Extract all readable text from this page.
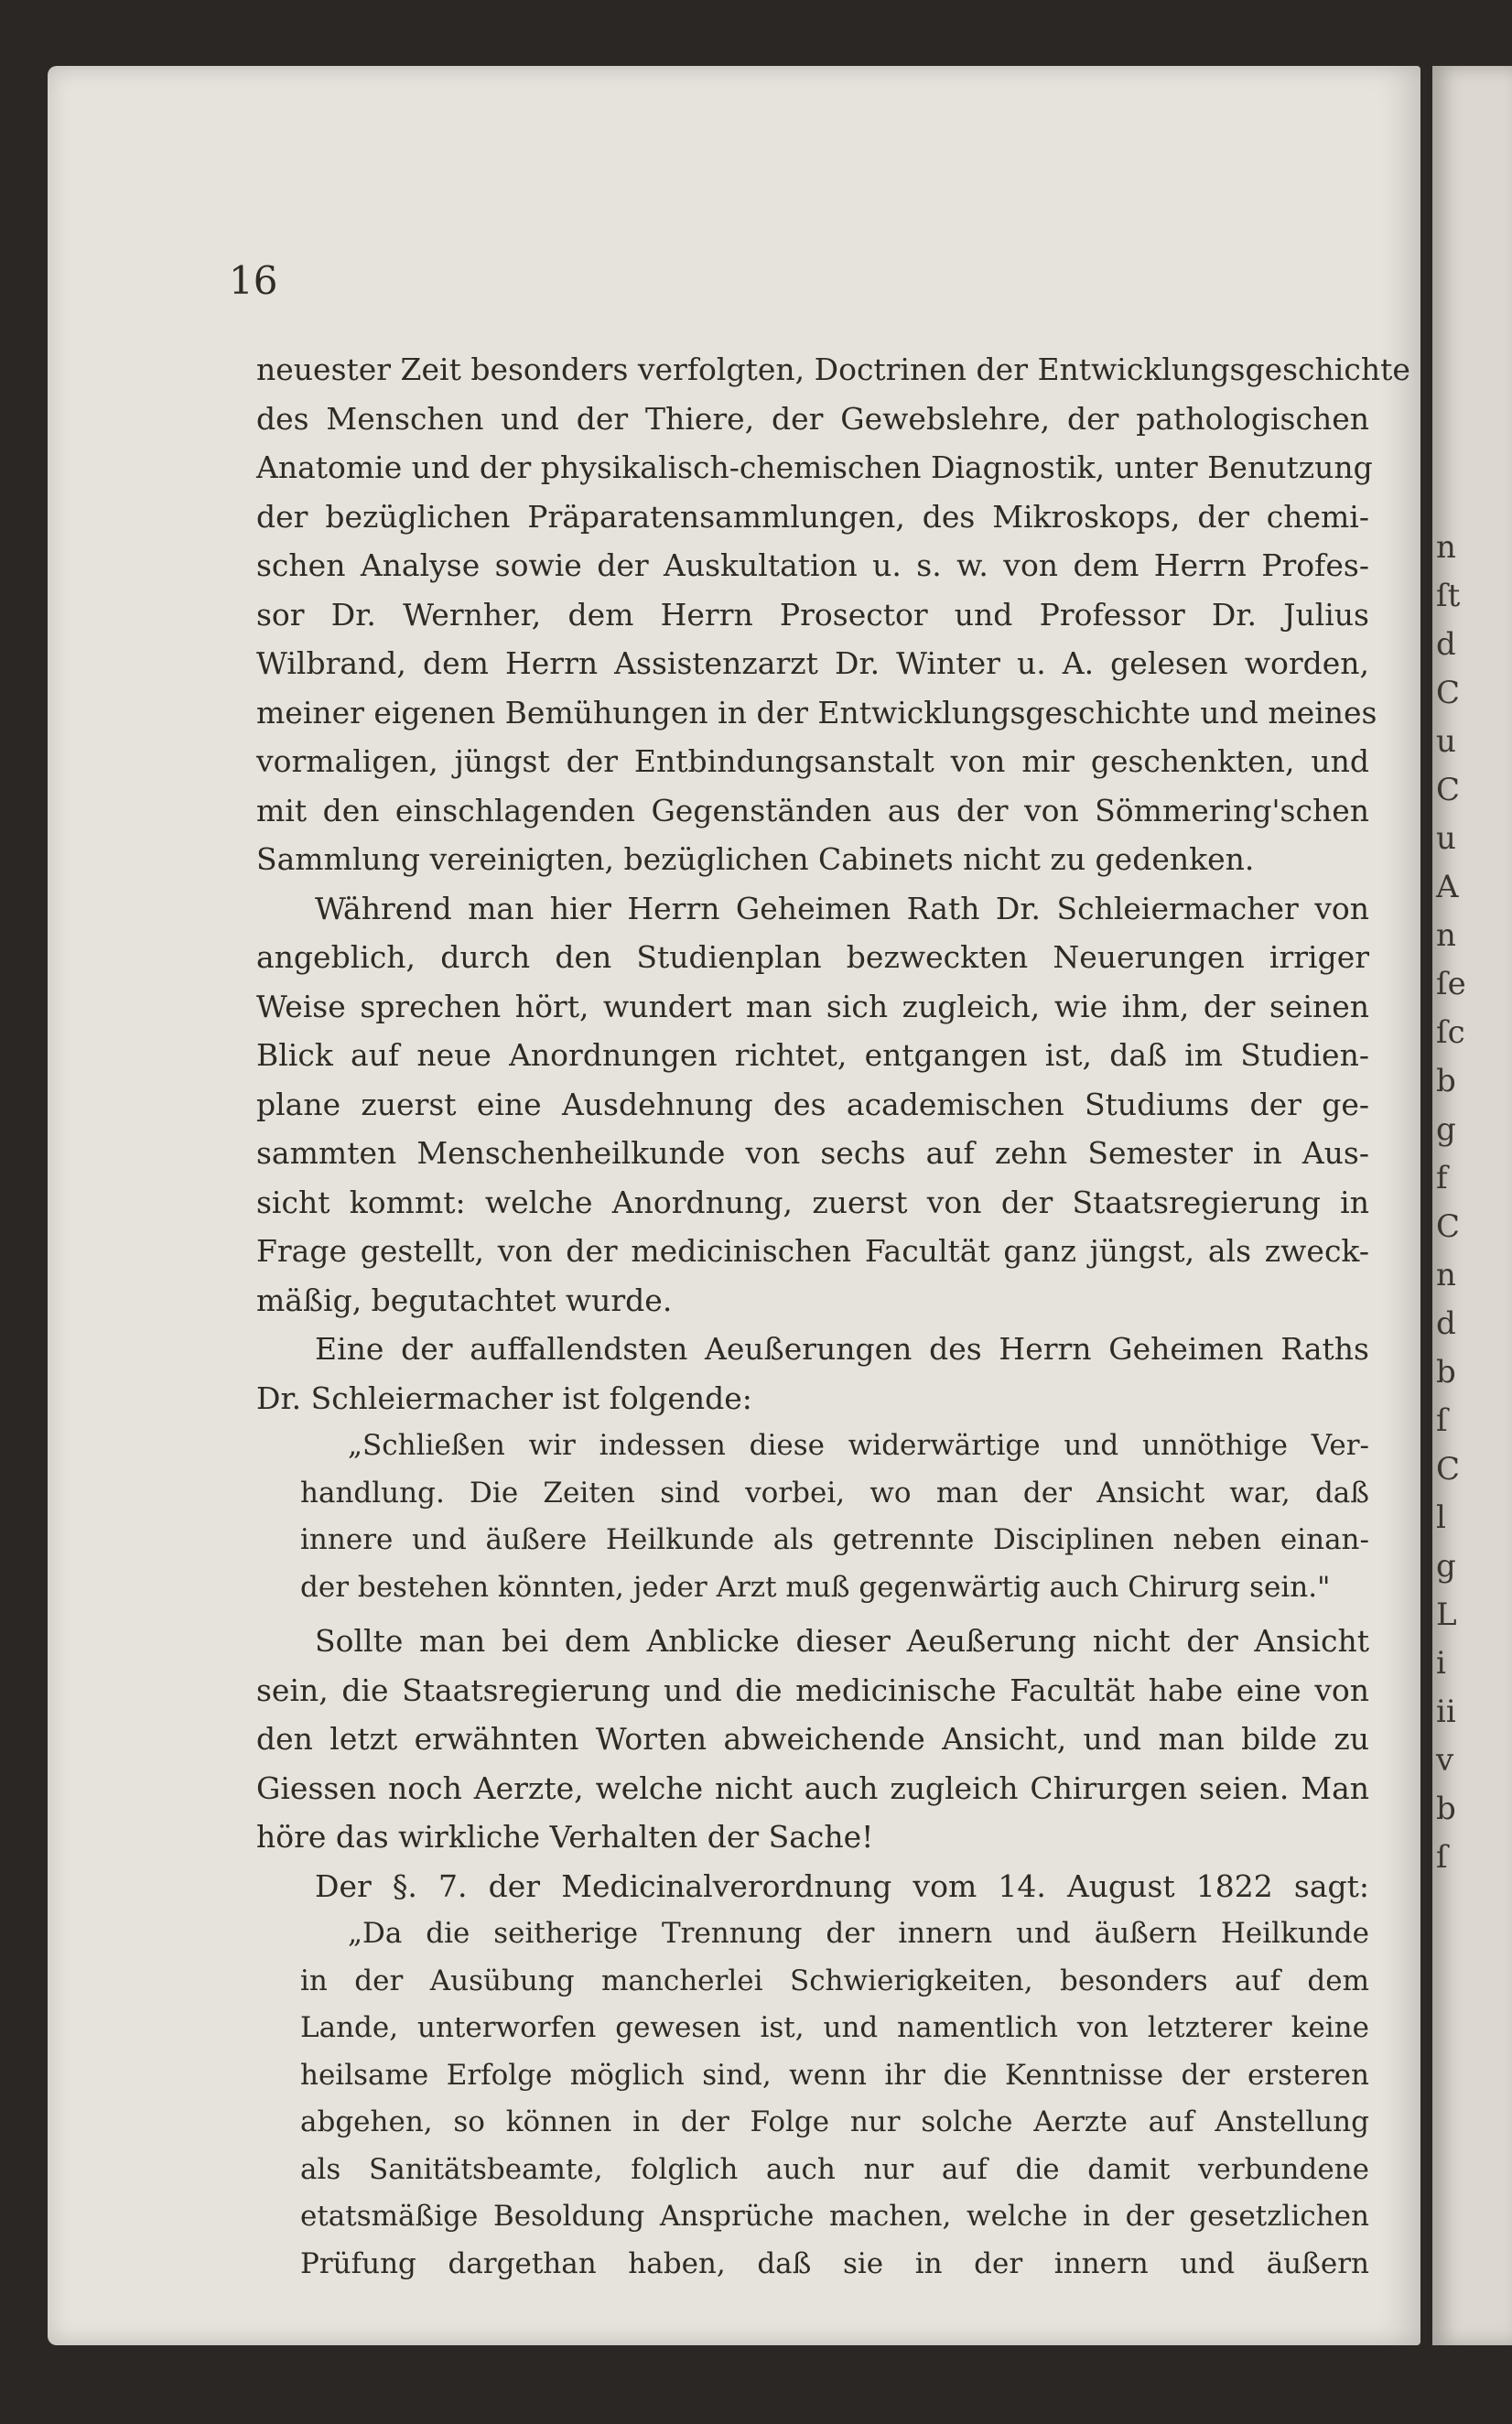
16
neuester Zeit besonders verfolgten, Doctrinen der Entwicklungsgeschichte
des Menschen und der Thiere, der Gewebslehre, der pathologischen
Anatomie und der physikalisch-chemischen Diagnostik, unter Benutzung
der bezüglichen Präparatensammlungen, des Mikroskops, der chemi-
schen Analyse sowie der Auskultation u. s. w. von dem Herrn Profes-
sor Dr. Wernher, dem Herrn Prosector und Professor Dr. Julius
Wilbrand, dem Herrn Assistenzarzt Dr. Winter u. A. gelesen worden,
meiner eigenen Bemühungen in der Entwicklungsgeschichte und meines
vormaligen, jüngst der Entbindungsanstalt von mir geschenkten, und
mit den einschlagenden Gegenständen aus der von Sömmering'schen
Sammlung vereinigten, bezüglichen Cabinets nicht zu gedenken.
Während man hier Herrn Geheimen Rath Dr. Schleiermacher von
angeblich, durch den Studienplan bezweckten Neuerungen irriger
Weise sprechen hört, wundert man sich zugleich, wie ihm, der seinen
Blick auf neue Anordnungen richtet, entgangen ist, daß im Studien-
plane zuerst eine Ausdehnung des academischen Studiums der ge-
sammten Menschenheilkunde von sechs auf zehn Semester in Aus-
sicht kommt: welche Anordnung, zuerst von der Staatsregierung in
Frage gestellt, von der medicinischen Facultät ganz jüngst, als zweck-
mäßig, begutachtet wurde.
Eine der auffallendsten Aeußerungen des Herrn Geheimen Raths
Dr. Schleiermacher ist folgende:
„Schließen wir indessen diese widerwärtige und unnöthige Ver-
handlung. Die Zeiten sind vorbei, wo man der Ansicht war, daß
innere und äußere Heilkunde als getrennte Disciplinen neben einan-
der bestehen könnten, jeder Arzt muß gegenwärtig auch Chirurg sein."
Sollte man bei dem Anblicke dieser Aeußerung nicht der Ansicht
sein, die Staatsregierung und die medicinische Facultät habe eine von
den letzt erwähnten Worten abweichende Ansicht, und man bilde zu
Giessen noch Aerzte, welche nicht auch zugleich Chirurgen seien. Man
höre das wirkliche Verhalten der Sache!
Der §. 7. der Medicinalverordnung vom 14. August 1822 sagt:
„Da die seitherige Trennung der innern und äußern Heilkunde
in der Ausübung mancherlei Schwierigkeiten, besonders auf dem
Lande, unterworfen gewesen ist, und namentlich von letzterer keine
heilsame Erfolge möglich sind, wenn ihr die Kenntnisse der ersteren
abgehen, so können in der Folge nur solche Aerzte auf Anstellung
als Sanitätsbeamte, folglich auch nur auf die damit verbundene
etatsmäßige Besoldung Ansprüche machen, welche in der gesetzlichen
Prüfung dargethan haben, daß sie in der innern und äußern
n
ſt
d
C
u
C
u
A
n
ſe
ſc
b
g
f
C
n
d
b
ſ
C
l
g
L
i
ii
v
b
ſ
